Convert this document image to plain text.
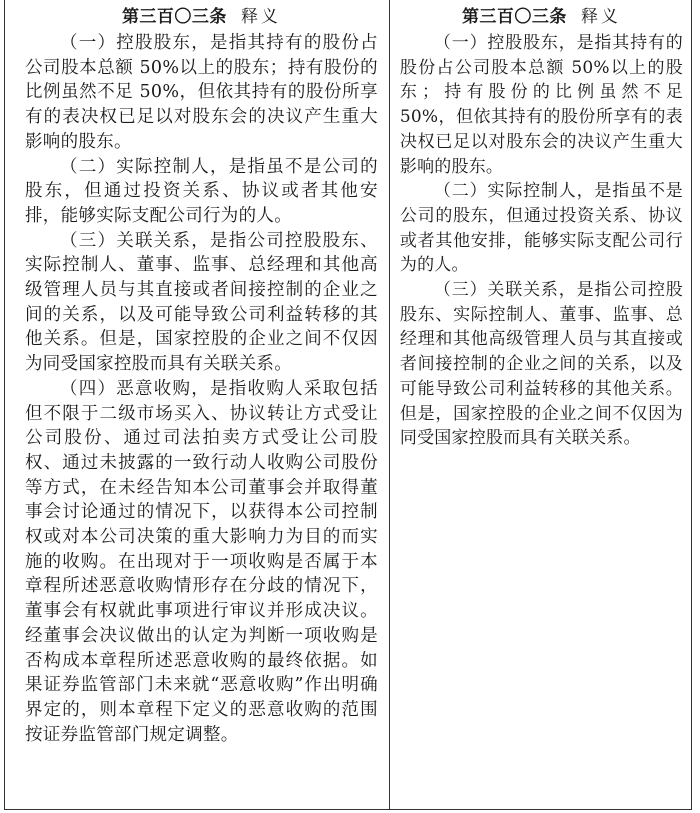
第三百〇三条 释义

（一）控股股东，是指其持有的股份占公司股本总额 50%以上的股东；持有股份的比例虽然不足 50%，但依其持有的股份所享有的表决权已足以对股东会的决议产生重大影响的股东。

（二）实际控制人，是指虽不是公司的股东，但通过投资关系、协议或者其他安排，能够实际支配公司行为的人。

（三）关联关系，是指公司控股股东、实际控制人、董事、监事、总经理和其他高级管理人员与其直接或者间接控制的企业之间的关系，以及可能导致公司利益转移的其他关系。但是，国家控股的企业之间不仅因为同受国家控股而具有关联关系。

（四）恶意收购，是指收购人采取包括但不限于二级市场买入、协议转让方式受让公司股份、通过司法拍卖方式受让公司股权、通过未披露的一致行动人收购公司股份等方式，在未经告知本公司董事会并取得董事会讨论通过的情况下，以获得本公司控制权或对本公司决策的重大影响力为目的而实施的收购。在出现对于一项收购是否属于本章程所述恶意收购情形存在分歧的情况下，董事会有权就此事项进行审议并形成决议。经董事会决议做出的认定为判断一项收购是否构成本章程所述恶意收购的最终依据。如果证券监管部门未来就“恶意收购”作出明确界定的，则本章程下定义的恶意收购的范围按证券监管部门规定调整。

第三百〇三条 释义

（一）控股股东，是指其持有的股份占公司股本总额 50%以上的股东；持有股份的比例虽然不足 50%，但依其持有的股份所享有的表决权已足以对股东会的决议产生重大影响的股东。

（二）实际控制人，是指虽不是公司的股东，但通过投资关系、协议或者其他安排，能够实际支配公司行为的人。

（三）关联关系，是指公司控股股东、实际控制人、董事、监事、总经理和其他高级管理人员与其直接或者间接控制的企业之间的关系，以及可能导致公司利益转移的其他关系。但是，国家控股的企业之间不仅因为同受国家控股而具有关联关系。
